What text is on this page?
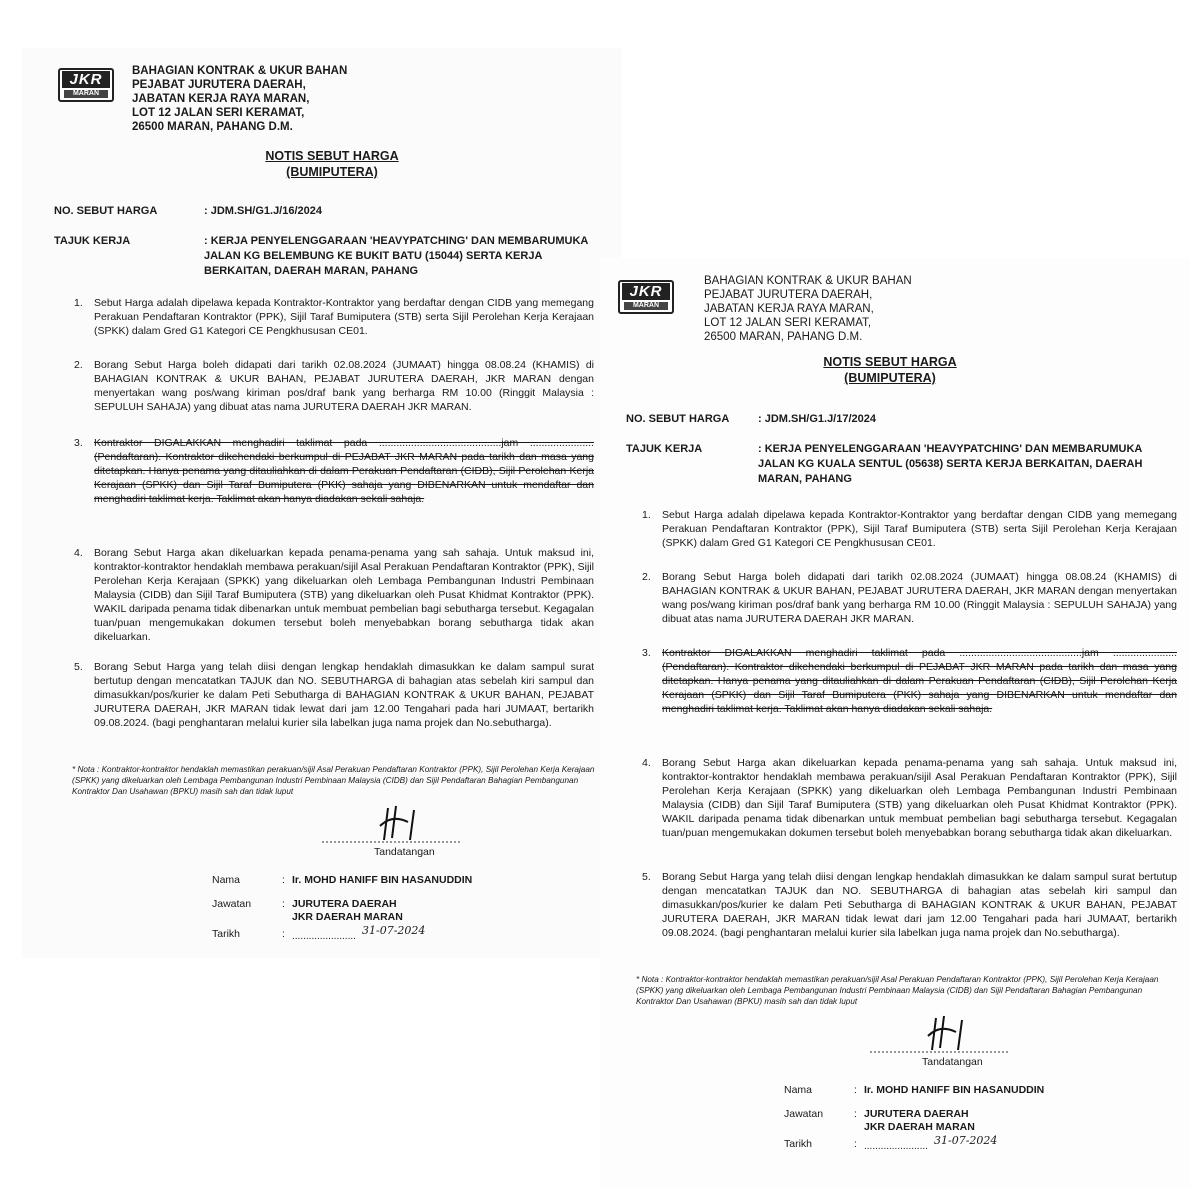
JKR
MARAN
BAHAGIAN KONTRAK & UKUR BAHAN
PEJABAT JURUTERA DAERAH,
JABATAN KERJA RAYA MARAN,
LOT 12 JALAN SERI KERAMAT,
26500 MARAN, PAHANG D.M.
NOTIS SEBUT HARGA
(BUMIPUTERA)
NO. SEBUT HARGA	: JDM.SH/G1.J/16/2024
TAJUK KERJA	: KERJA PENYELENGGARAAN 'HEAVYPATCHING' DAN MEMBARUMUKA JALAN KG BELEMBUNG KE BUKIT BATU (15044) SERTA KERJA BERKAITAN, DAERAH MARAN, PAHANG
1. Sebut Harga adalah dipelawa kepada Kontraktor-Kontraktor yang berdaftar dengan CIDB yang memegang Perakuan Pendaftaran Kontraktor (PPK), Sijil Taraf Bumiputera (STB) serta Sijil Perolehan Kerja Kerajaan (SPKK) dalam Gred G1 Kategori CE Pengkhususan CE01.
2. Borang Sebut Harga boleh didapati dari tarikh 02.08.2024 (JUMAAT) hingga 08.08.24 (KHAMIS) di BAHAGIAN KONTRAK & UKUR BAHAN, PEJABAT JURUTERA DAERAH, JKR MARAN dengan menyertakan wang pos/wang kiriman pos/draf bank yang berharga RM 10.00 (Ringgit Malaysia : SEPULUH SAHAJA) yang dibuat atas nama JURUTERA DAERAH JKR MARAN.
3. Kontraktor DIGALAKKAN menghadiri taklimat pada ..........................................jam ......................(Pendaftaran). Kontraktor dikehendaki berkumpul di PEJABAT JKR MARAN pada tarikh dan masa yang ditetapkan. Hanya penama yang ditauliahkan di dalam Perakuan Pendaftaran (CIDB), Sijil Perolehan Kerja Kerajaan (SPKK) dan Sijil Taraf Bumiputera (PKK) sahaja yang DIBENARKAN untuk mendaftar dan menghadiri taklimat kerja. Taklimat akan hanya diadakan sekali sahaja.
4. Borang Sebut Harga akan dikeluarkan kepada penama-penama yang sah sahaja. Untuk maksud ini, kontraktor-kontraktor hendaklah membawa perakuan/sijil Asal Perakuan Pendaftaran Kontraktor (PPK), Sijil Perolehan Kerja Kerajaan (SPKK) yang dikeluarkan oleh Lembaga Pembangunan Industri Pembinaan Malaysia (CIDB) dan Sijil Taraf Bumiputera (STB) yang dikeluarkan oleh Pusat Khidmat Kontraktor (PPK). WAKIL daripada penama tidak dibenarkan untuk membuat pembelian bagi sebutharga tersebut. Kegagalan tuan/puan mengemukakan dokumen tersebut boleh menyebabkan borang sebutharga tidak akan dikeluarkan.
5. Borang Sebut Harga yang telah diisi dengan lengkap hendaklah dimasukkan ke dalam sampul surat bertutup dengan mencatatkan TAJUK dan NO. SEBUTHARGA di bahagian atas sebelah kiri sampul dan dimasukkan/pos/kurier ke dalam Peti Sebutharga di BAHAGIAN KONTRAK & UKUR BAHAN, PEJABAT JURUTERA DAERAH, JKR MARAN tidak lewat dari jam 12.00 Tengahari pada hari JUMAAT, bertarikh 09.08.2024. (bagi penghantaran melalui kurier sila labelkan juga nama projek dan No.sebutharga).
* Nota : Kontraktor-kontraktor hendaklah memastikan perakuan/sijil Asal Perakuan Pendaftaran Kontraktor (PPK), Sijil Perolehan Kerja Kerajaan (SPKK) yang dikeluarkan oleh Lembaga Pembangunan Industri Pembinaan Malaysia (CIDB) dan Sijil Pendaftaran Bahagian Pembangunan Kontraktor Dan Usahawan (BPKU) masih sah dan tidak luput
Tandatangan
Nama	: Ir. MOHD HANIFF BIN HASANUDDIN
Jawatan	: JURUTERA DAERAH
JKR DAERAH MARAN
Tarikh	: ....................... 31-07-2024
JKR
MARAN
BAHAGIAN KONTRAK & UKUR BAHAN
PEJABAT JURUTERA DAERAH,
JABATAN KERJA RAYA MARAN,
LOT 12 JALAN SERI KERAMAT,
26500 MARAN, PAHANG D.M.
NOTIS SEBUT HARGA
(BUMIPUTERA)
NO. SEBUT HARGA	: JDM.SH/G1.J/17/2024
TAJUK KERJA	: KERJA PENYELENGGARAAN 'HEAVYPATCHING' DAN MEMBARUMUKA JALAN KG KUALA SENTUL (05638) SERTA KERJA BERKAITAN, DAERAH MARAN, PAHANG
1. Sebut Harga adalah dipelawa kepada Kontraktor-Kontraktor yang berdaftar dengan CIDB yang memegang Perakuan Pendaftaran Kontraktor (PPK), Sijil Taraf Bumiputera (STB) serta Sijil Perolehan Kerja Kerajaan (SPKK) dalam Gred G1 Kategori CE Pengkhususan CE01.
2. Borang Sebut Harga boleh didapati dari tarikh 02.08.2024 (JUMAAT) hingga 08.08.24 (KHAMIS) di BAHAGIAN KONTRAK & UKUR BAHAN, PEJABAT JURUTERA DAERAH, JKR MARAN dengan menyertakan wang pos/wang kiriman pos/draf bank yang berharga RM 10.00 (Ringgit Malaysia : SEPULUH SAHAJA) yang dibuat atas nama JURUTERA DAERAH JKR MARAN.
3. Kontraktor DIGALAKKAN menghadiri taklimat pada ..........................................jam ......................(Pendaftaran). Kontraktor dikehendaki berkumpul di PEJABAT JKR MARAN pada tarikh dan masa yang ditetapkan. Hanya penama yang ditauliahkan di dalam Perakuan Pendaftaran (CIDB), Sijil Perolehan Kerja Kerajaan (SPKK) dan Sijil Taraf Bumiputera (PKK) sahaja yang DIBENARKAN untuk mendaftar dan menghadiri taklimat kerja. Taklimat akan hanya diadakan sekali sahaja.
4. Borang Sebut Harga akan dikeluarkan kepada penama-penama yang sah sahaja. Untuk maksud ini, kontraktor-kontraktor hendaklah membawa perakuan/sijil Asal Perakuan Pendaftaran Kontraktor (PPK), Sijil Perolehan Kerja Kerajaan (SPKK) yang dikeluarkan oleh Lembaga Pembangunan Industri Pembinaan Malaysia (CIDB) dan Sijil Taraf Bumiputera (STB) yang dikeluarkan oleh Pusat Khidmat Kontraktor (PPK). WAKIL daripada penama tidak dibenarkan untuk membuat pembelian bagi sebutharga tersebut. Kegagalan tuan/puan mengemukakan dokumen tersebut boleh menyebabkan borang sebutharga tidak akan dikeluarkan.
5. Borang Sebut Harga yang telah diisi dengan lengkap hendaklah dimasukkan ke dalam sampul surat bertutup dengan mencatatkan TAJUK dan NO. SEBUTHARGA di bahagian atas sebelah kiri sampul dan dimasukkan/pos/kurier ke dalam Peti Sebutharga di BAHAGIAN KONTRAK & UKUR BAHAN, PEJABAT JURUTERA DAERAH, JKR MARAN tidak lewat dari jam 12.00 Tengahari pada hari JUMAAT, bertarikh 09.08.2024. (bagi penghantaran melalui kurier sila labelkan juga nama projek dan No.sebutharga).
* Nota : Kontraktor-kontraktor hendaklah memastikan perakuan/sijil Asal Perakuan Pendaftaran Kontraktor (PPK), Sijil Perolehan Kerja Kerajaan (SPKK) yang dikeluarkan oleh Lembaga Pembangunan Industri Pembinaan Malaysia (CIDB) dan Sijil Pendaftaran Bahagian Pembangunan Kontraktor Dan Usahawan (BPKU) masih sah dan tidak luput
Tandatangan
Nama	: Ir. MOHD HANIFF BIN HASANUDDIN
Jawatan	: JURUTERA DAERAH
JKR DAERAH MARAN
Tarikh	: ....................... 31-07-2024
